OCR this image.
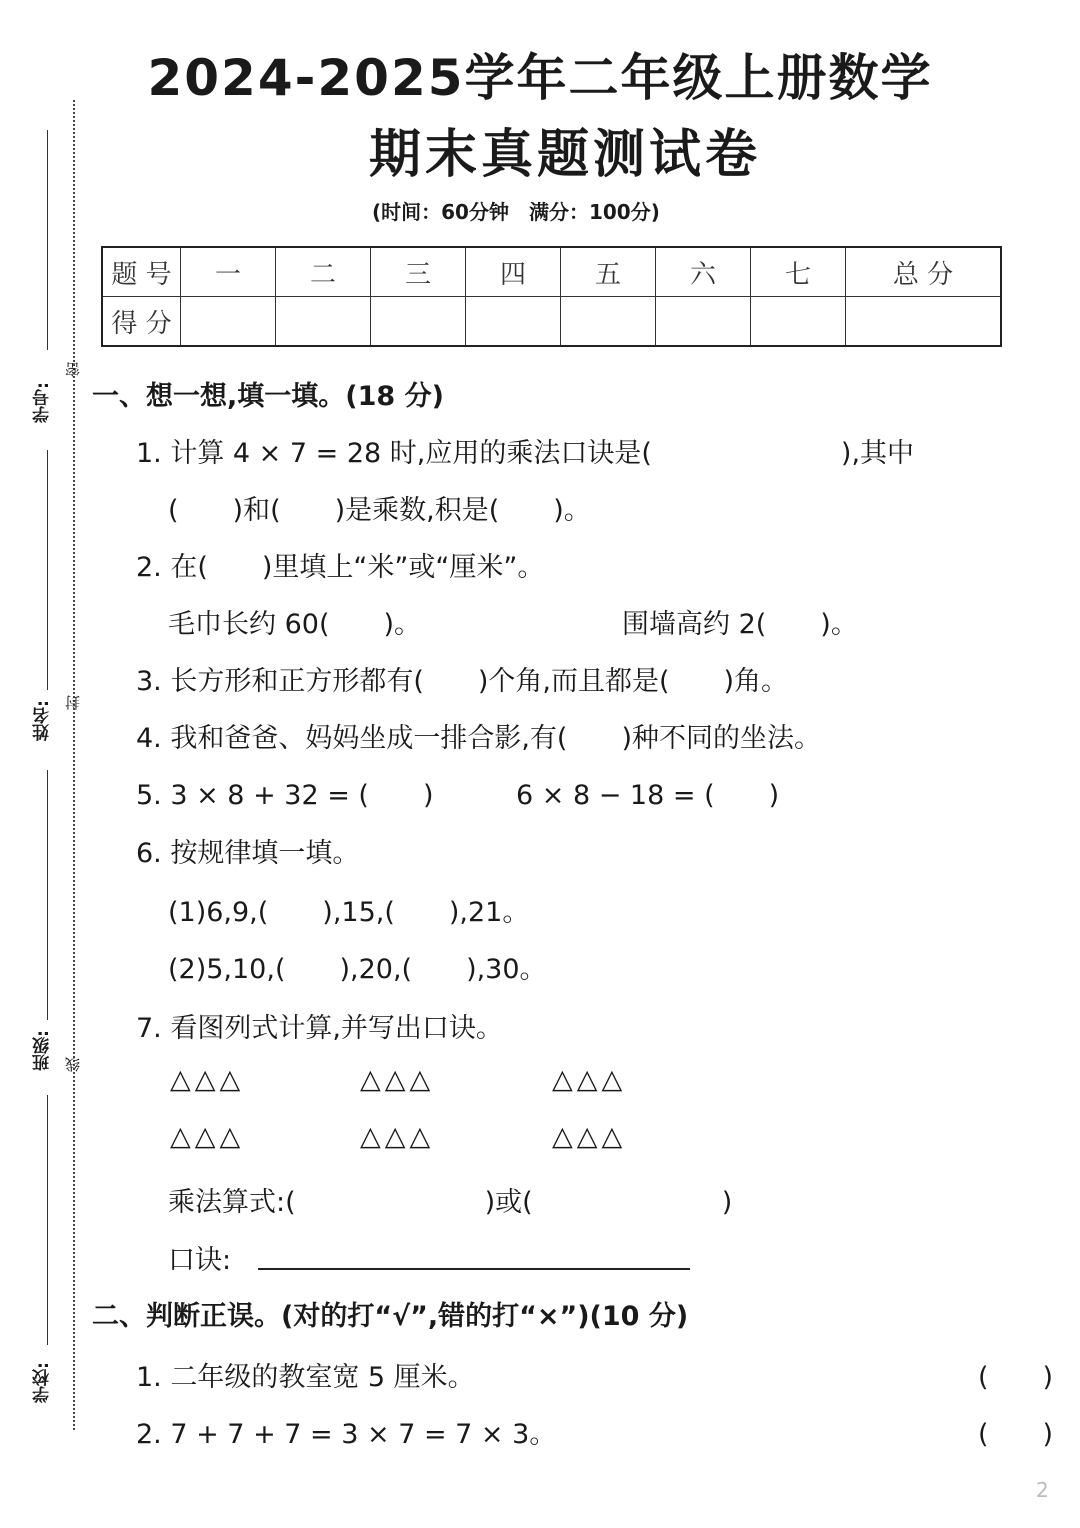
学号:
姓名:
班级:
学校:
密
封
线
2024-2025学年二年级上册数学
期末真题测试卷
(时间：60分钟　满分：100分)
题 号	一	二	三	四	五	六	七	总 分
得 分								
一、想一想,填一填。(18 分)
1. 计算 4 × 7 = 28 时,应用的乘法口诀是(　　　　　　　),其中
(　　)和(　　)是乘数,积是(　　)。
2. 在(　　)里填上“米”或“厘米”。
毛巾长约 60(　　)。	围墙高约 2(　　)。
3. 长方形和正方形都有(　　)个角,而且都是(　　)角。
4. 我和爸爸、妈妈坐成一排合影,有(　　)种不同的坐法。
5. 3 × 8 + 32 = (　　)	6 × 8 − 18 = (　　)
6. 按规律填一填。
(1)6,9,(　　),15,(　　),21。
(2)5,10,(　　),20,(　　),30。
7. 看图列式计算,并写出口诀。
△△△	△△△	△△△
△△△	△△△	△△△
乘法算式:(　　　　　　　)或(　　　　　　　)
口诀:
二、判断正误。(对的打“√”,错的打“×”)(10 分)
1. 二年级的教室宽 5 厘米。	(　　)
2. 7 + 7 + 7 = 3 × 7 = 7 × 3。	(　　)
2
